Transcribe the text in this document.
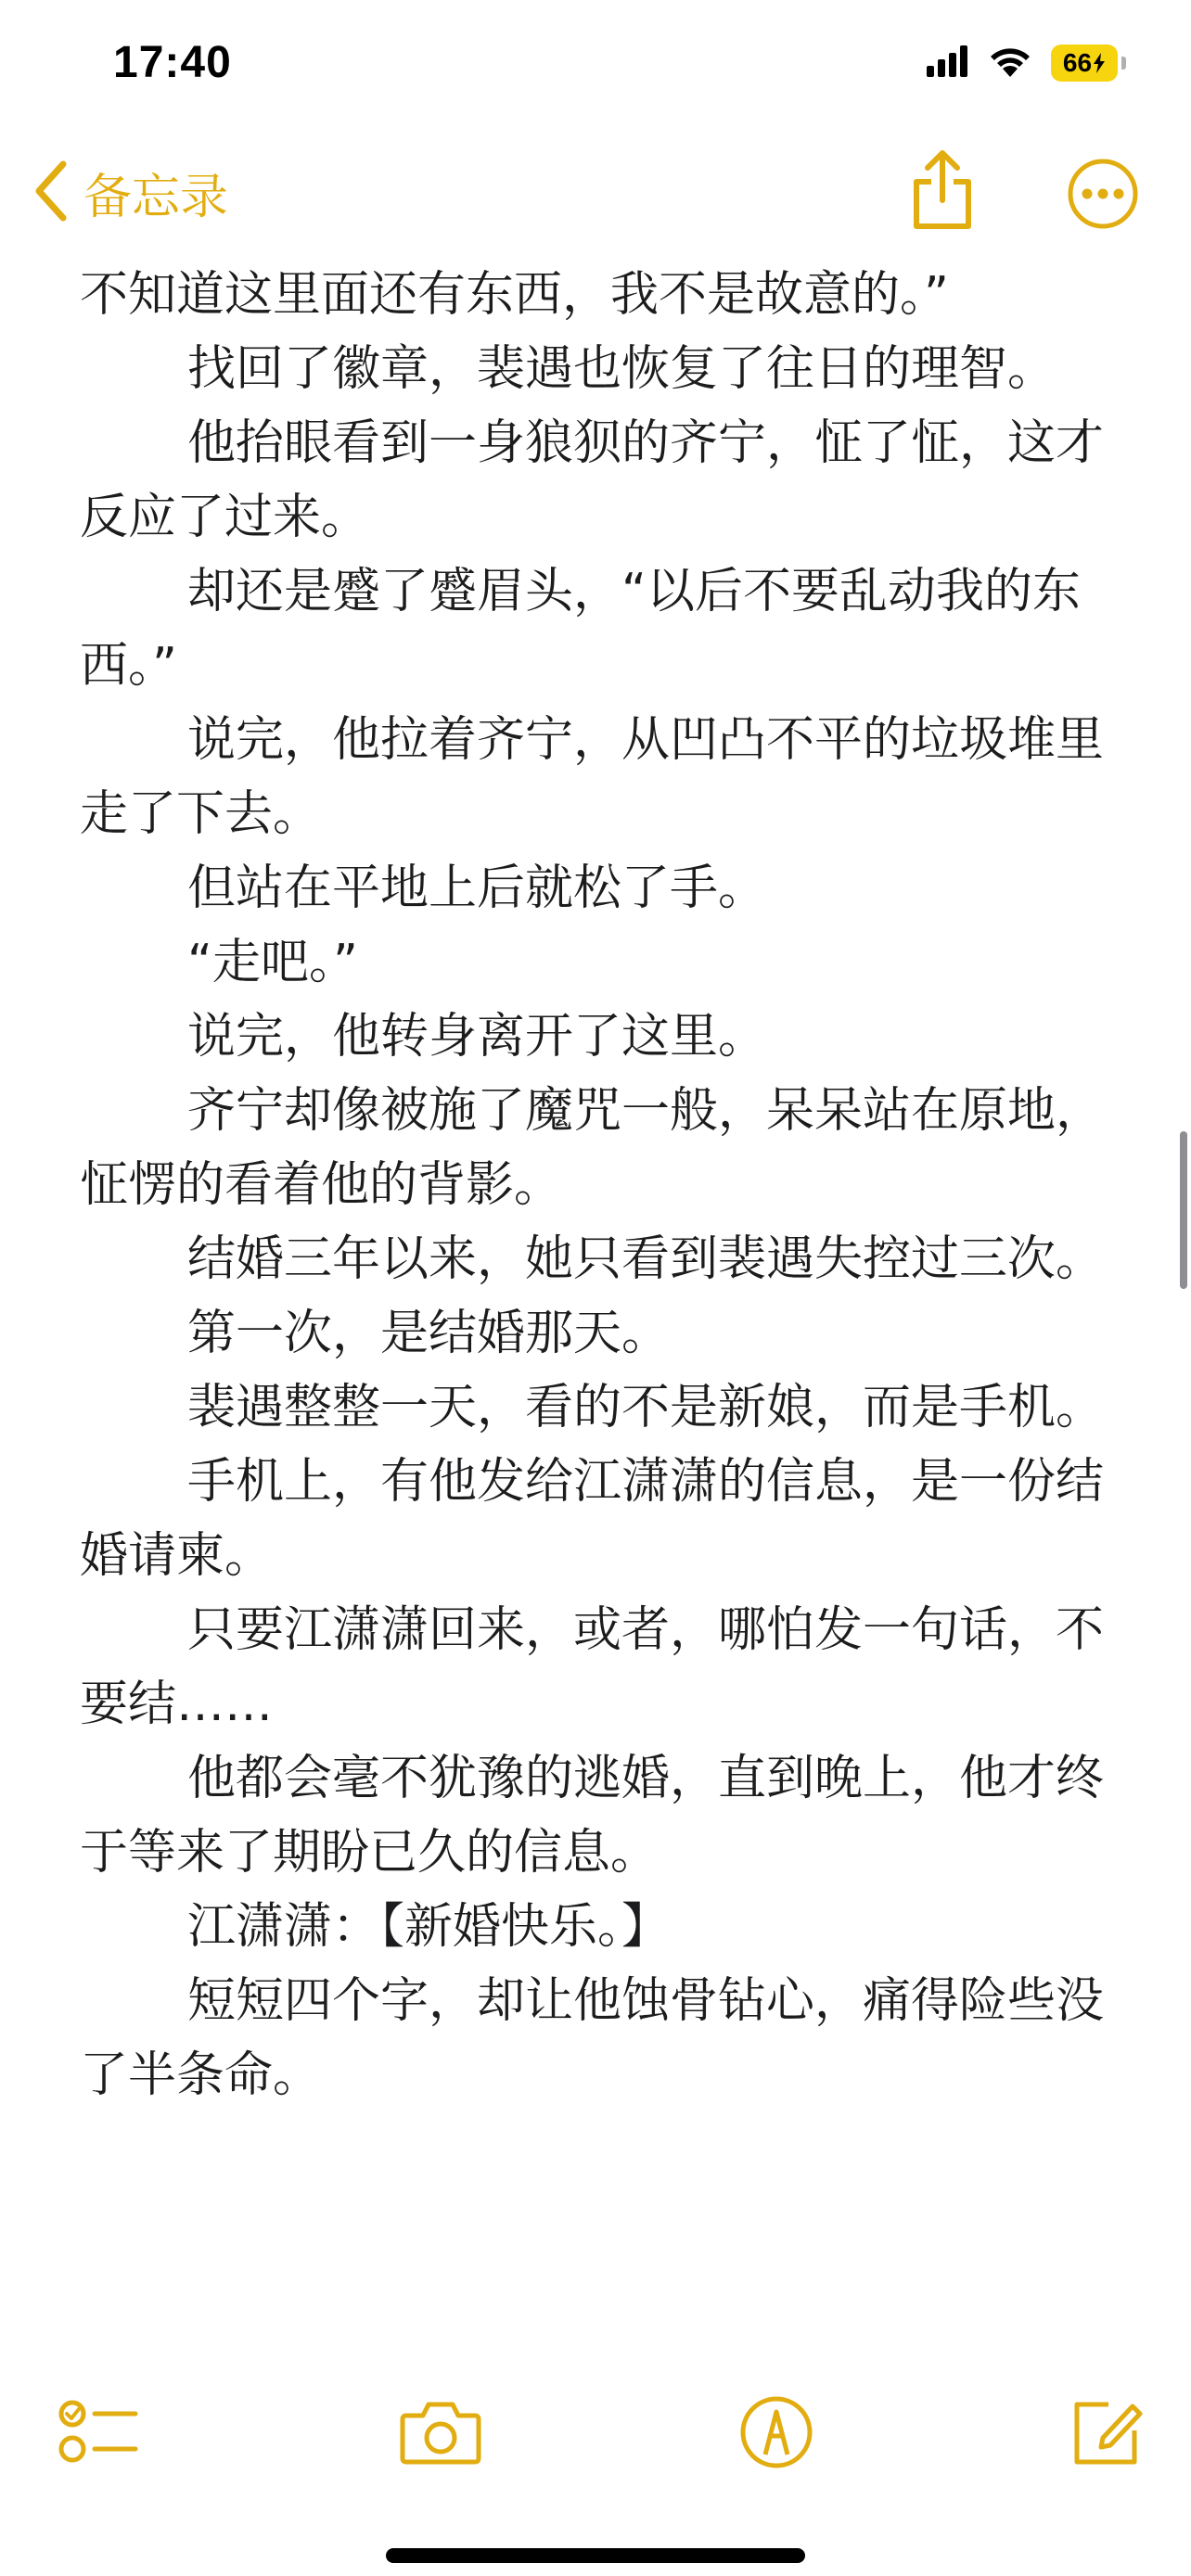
17:40	66
备忘录

不知道这里面还有东西，我不是故意的。”

找回了徽章，裴遇也恢复了往日的理智。

他抬眼看到一身狼狈的齐宁，怔了怔，这才反应了过来。

却还是蹙了蹙眉头，“以后不要乱动我的东西。”

说完，他拉着齐宁，从凹凸不平的垃圾堆里走了下去。

但站在平地上后就松了手。

“走吧。”

说完，他转身离开了这里。

齐宁却像被施了魔咒一般，呆呆站在原地，怔愣的看着他的背影。

结婚三年以来，她只看到裴遇失控过三次。

第一次，是结婚那天。

裴遇整整一天，看的不是新娘，而是手机。

手机上，有他发给江潇潇的信息，是一份结婚请柬。

只要江潇潇回来，或者，哪怕发一句话，不要结……

他都会毫不犹豫的逃婚，直到晚上，他才终于等来了期盼已久的信息。

江潇潇：【新婚快乐。】

短短四个字，却让他蚀骨钻心，痛得险些没了半条命。
